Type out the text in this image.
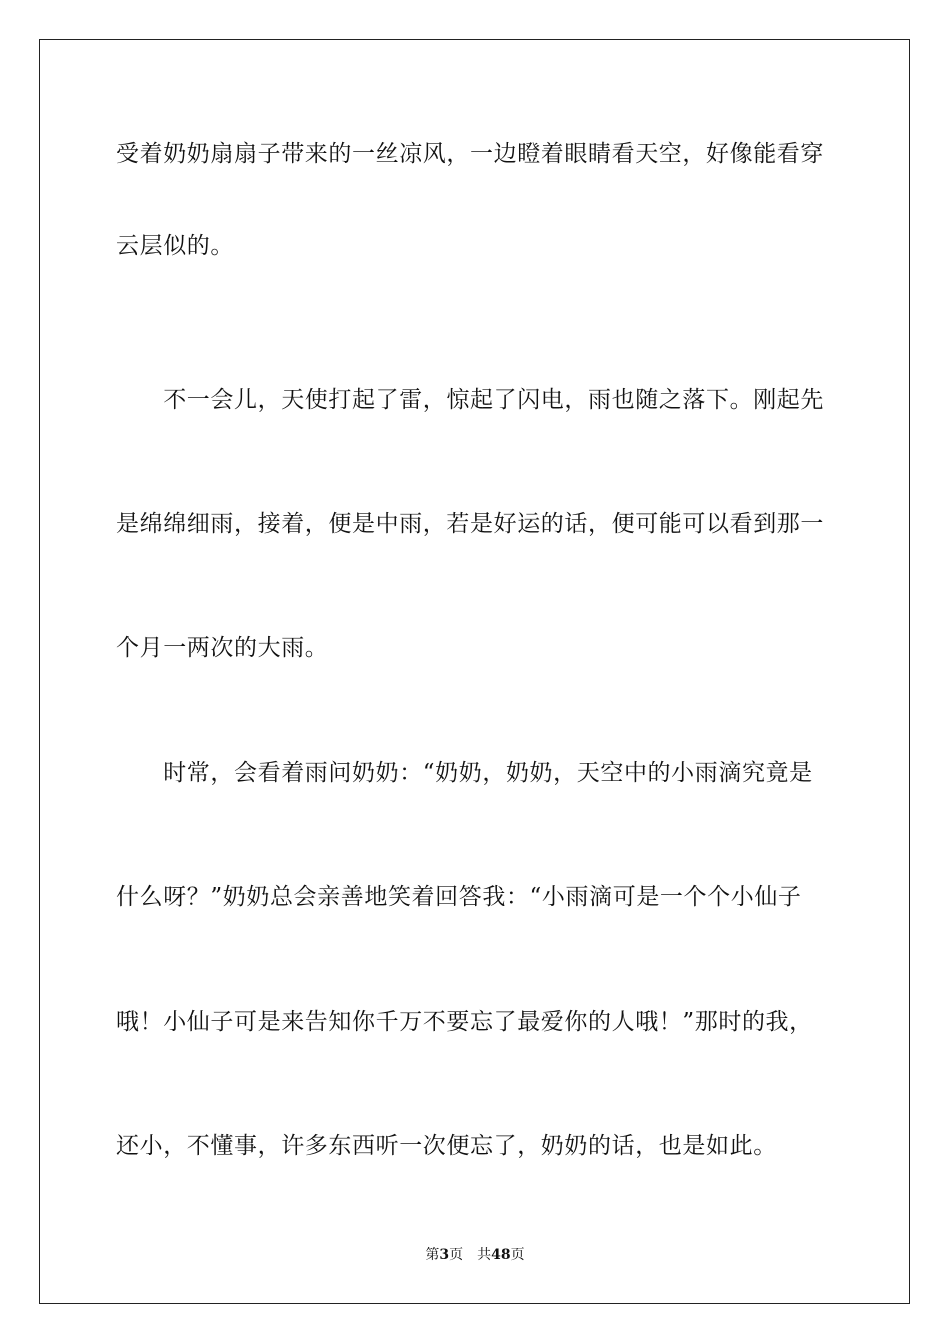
受着奶奶扇扇子带来的一丝凉风，一边瞪着眼睛看天空，好像能看穿
云层似的。
　　不一会儿，天使打起了雷，惊起了闪电，雨也随之落下。刚起先
是绵绵细雨，接着，便是中雨，若是好运的话，便可能可以看到那一
个月一两次的大雨。
　　时常，会看着雨问奶奶：“奶奶，奶奶，天空中的小雨滴究竟是
什么呀？”奶奶总会亲善地笑着回答我：“小雨滴可是一个个小仙子
哦！小仙子可是来告知你千万不要忘了最爱你的人哦！”那时的我，
还小，不懂事，许多东西听一次便忘了，奶奶的话，也是如此。
第3页　共48页
